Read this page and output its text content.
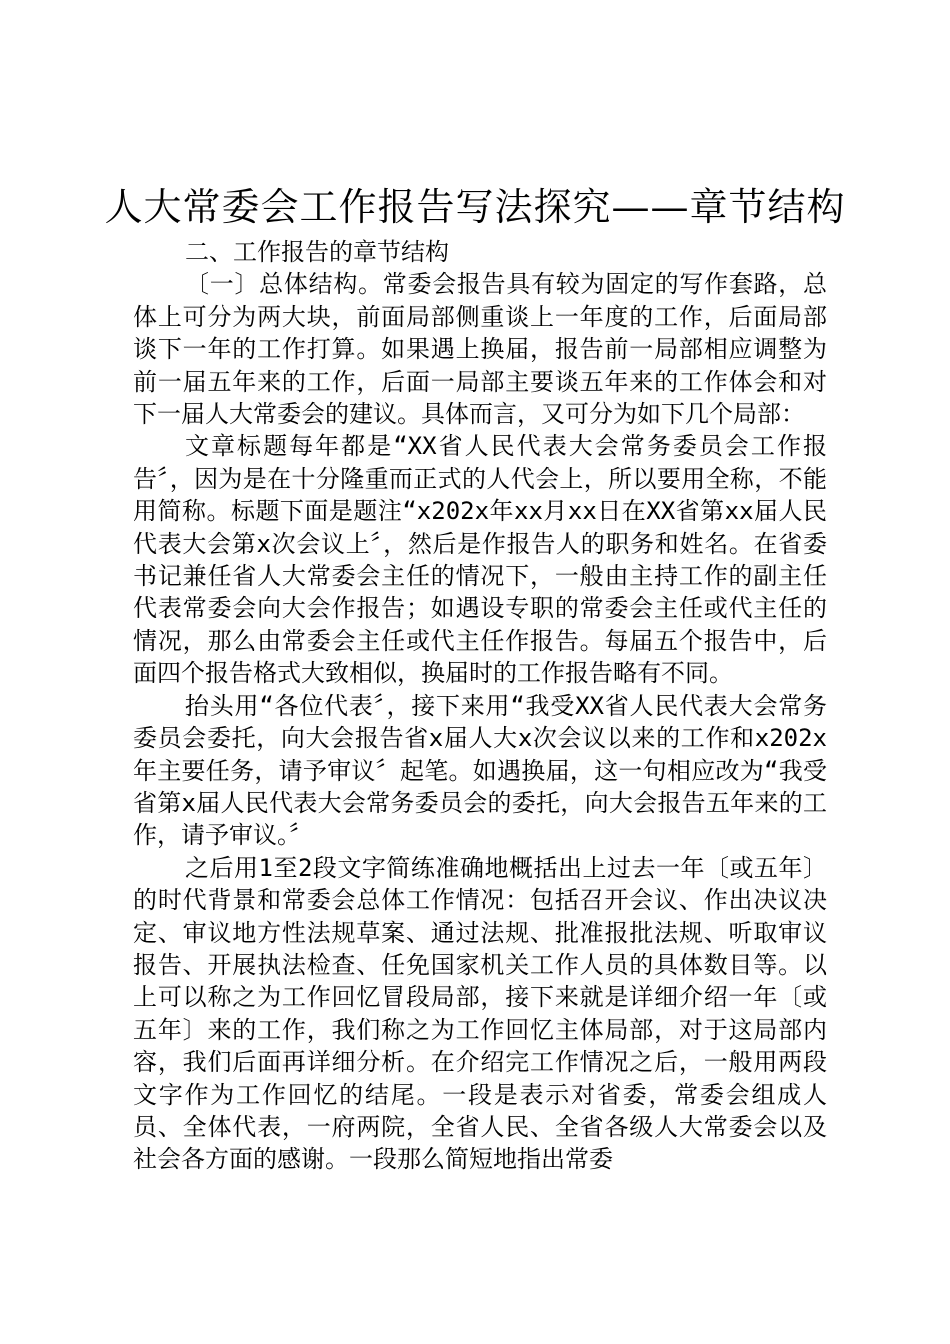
人大常委会工作报告写法探究——章节结构

二、工作报告的章节结构

〔一〕总体结构。常委会报告具有较为固定的写作套路，总体上可分为两大块，前面局部侧重谈上一年度的工作，后面局部谈下一年的工作打算。如果遇上换届，报告前一局部相应调整为前一届五年来的工作，后面一局部主要谈五年来的工作体会和对下一届人大常委会的建议。具体而言，又可分为如下几个局部：

文章标题每年都是“XX省人民代表大会常务委员会工作报告〞，因为是在十分隆重而正式的人代会上，所以要用全称，不能用简称。标题下面是题注“x202x年xx月xx日在XX省第xx届人民代表大会第x次会议上〞，然后是作报告人的职务和姓名。在省委书记兼任省人大常委会主任的情况下，一般由主持工作的副主任代表常委会向大会作报告；如遇设专职的常委会主任或代主任的情况，那么由常委会主任或代主任作报告。每届五个报告中，后面四个报告格式大致相似，换届时的工作报告略有不同。

抬头用“各位代表〞，接下来用“我受XX省人民代表大会常务委员会委托，向大会报告省x届人大x次会议以来的工作和x202x年主要任务，请予审议〞起笔。如遇换届，这一句相应改为“我受省第x届人民代表大会常务委员会的委托，向大会报告五年来的工作，请予审议。〞

之后用1至2段文字简练准确地概括出上过去一年〔或五年〕的时代背景和常委会总体工作情况：包括召开会议、作出决议决定、审议地方性法规草案、通过法规、批准报批法规、听取审议报告、开展执法检查、任免国家机关工作人员的具体数目等。以上可以称之为工作回忆冒段局部，接下来就是详细介绍一年〔或五年〕来的工作，我们称之为工作回忆主体局部，对于这局部内容，我们后面再详细分析。在介绍完工作情况之后，一般用两段文字作为工作回忆的结尾。一段是表示对省委，常委会组成人员、全体代表，一府两院，全省人民、全省各级人大常委会以及社会各方面的感谢。一段那么简短地指出常委
